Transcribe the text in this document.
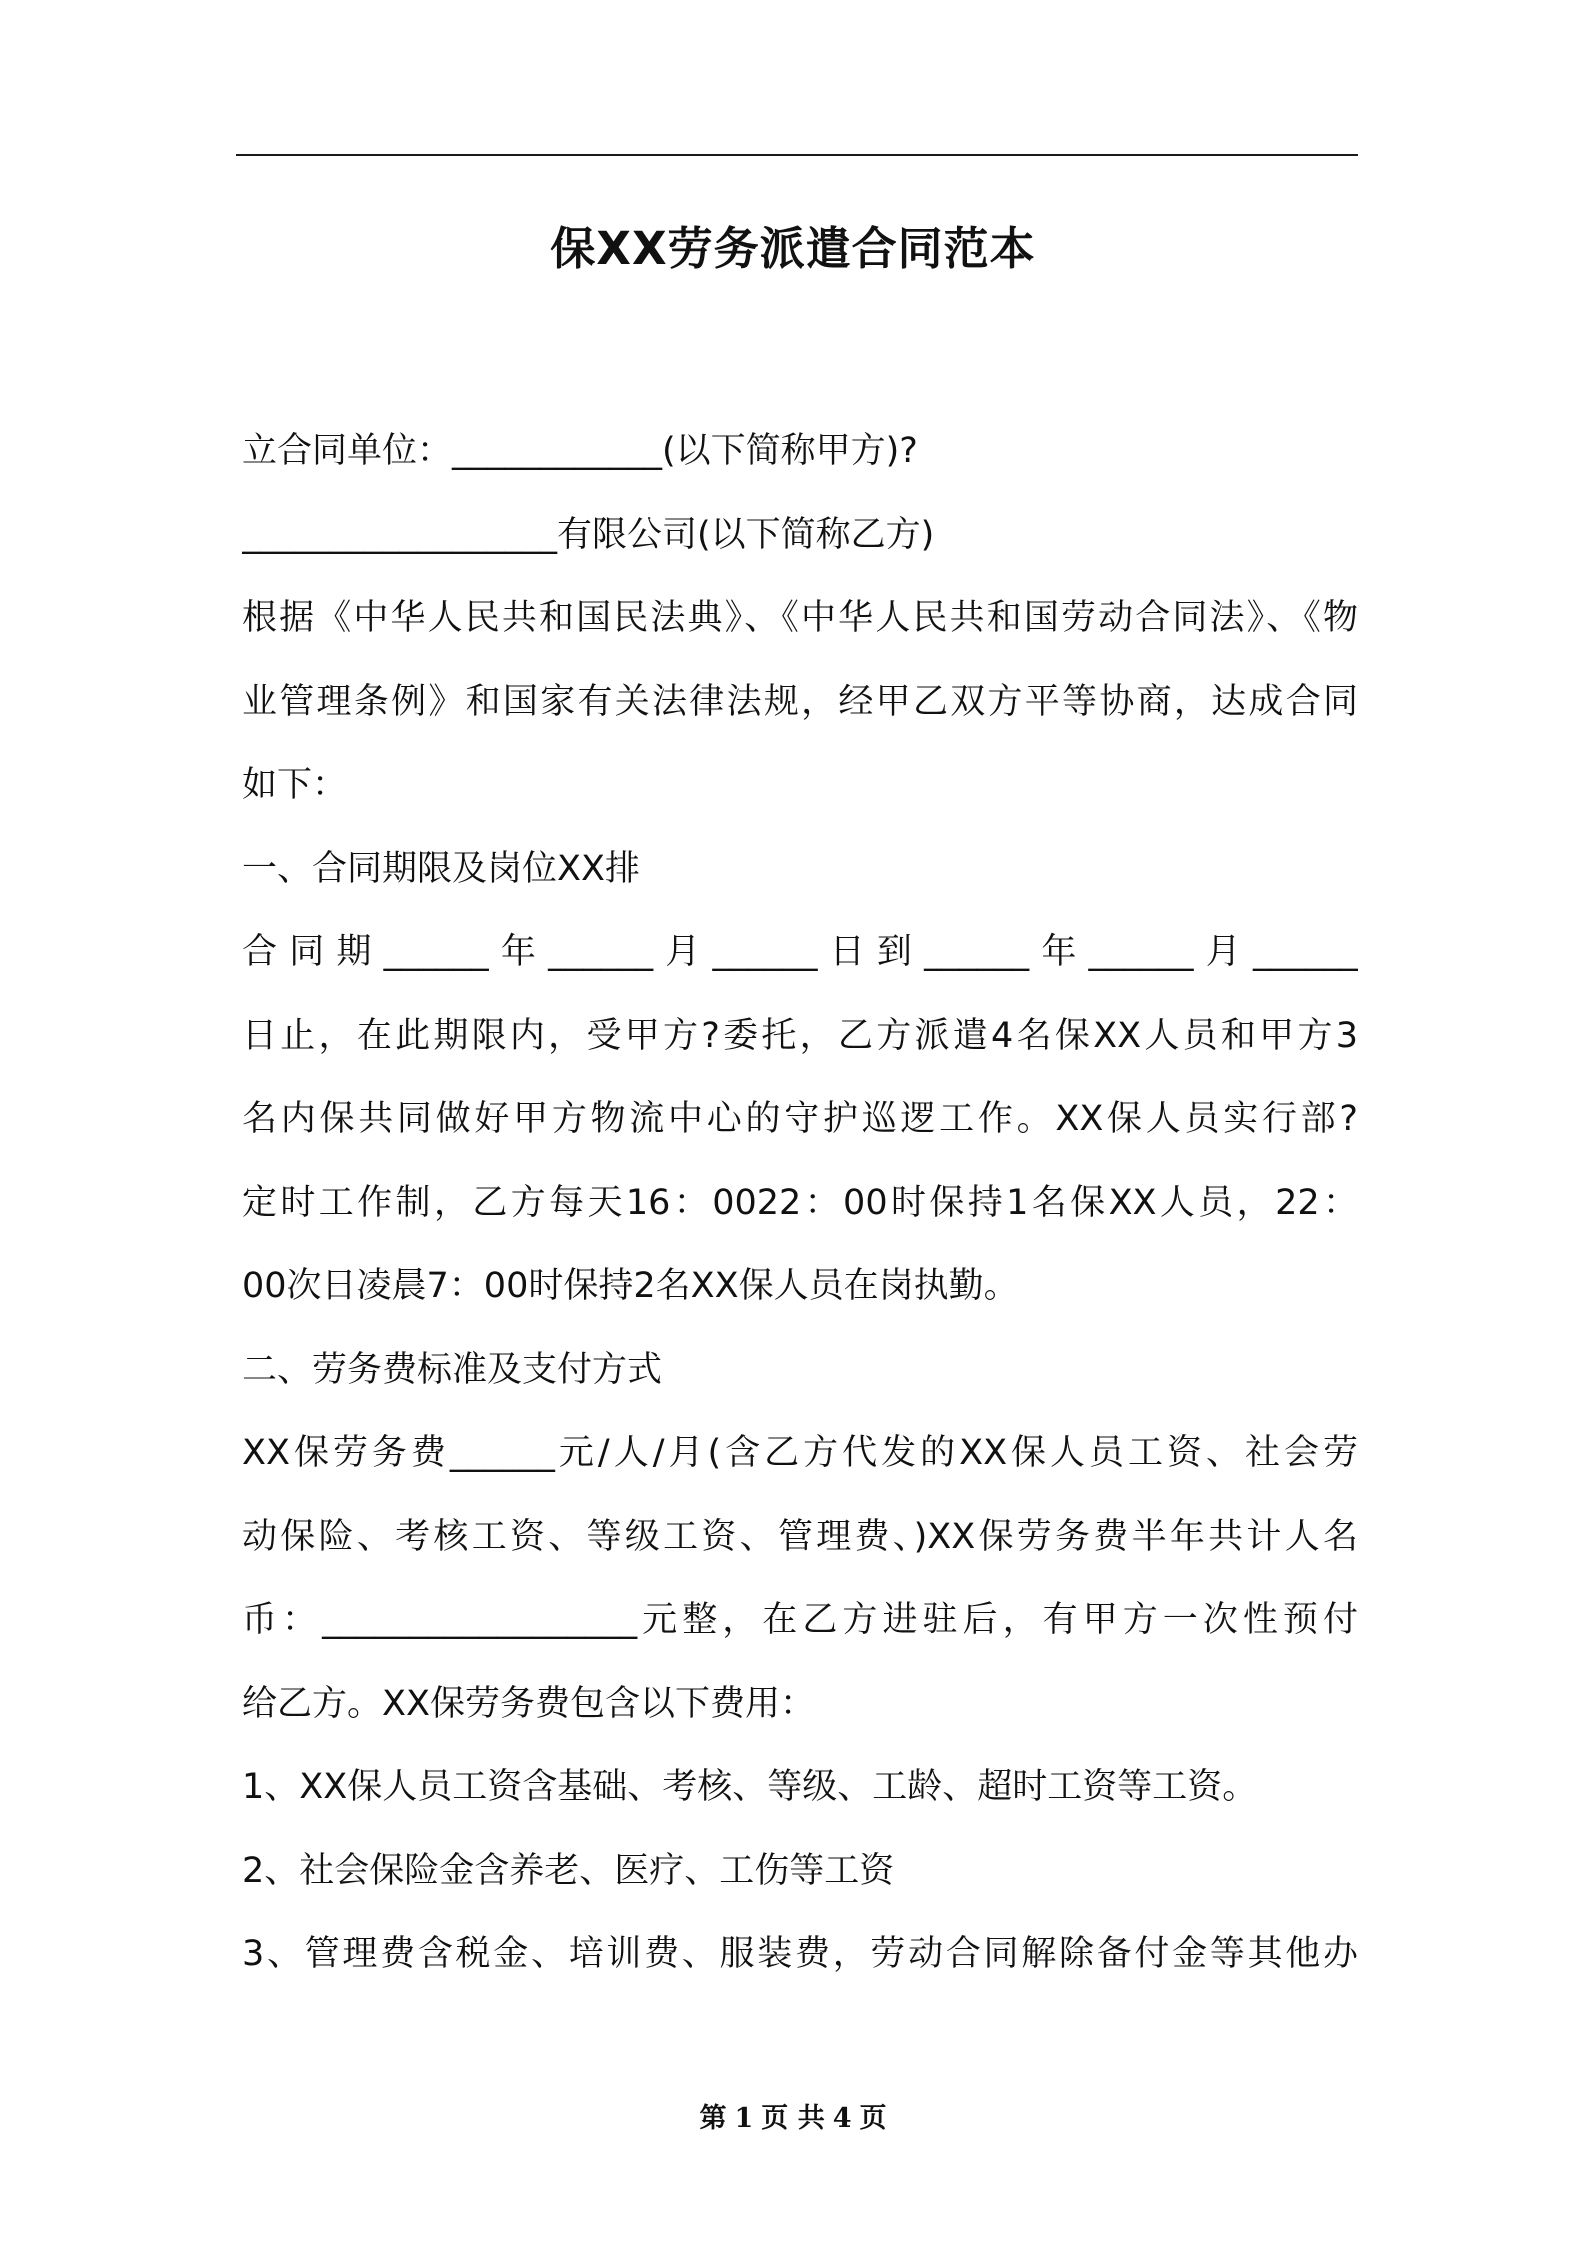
保XX劳务派遣合同范本
立合同单位：____________(以下简称甲方)?
__________________有限公司(以下简称乙方)
根据《中华人民共和国民法典》、《中华人民共和国劳动合同法》、《物
业管理条例》和国家有关法律法规，经甲乙双方平等协商，达成合同
如下：
一、合同期限及岗位XX排
合同期______年______月______日到______年______月______
日止，在此期限内，受甲方?委托，乙方派遣4名保XX人员和甲方3
名内保共同做好甲方物流中心的守护巡逻工作。XX保人员实行部?
定时工作制，乙方每天16：0022：00时保持1名保XX人员，22：
00次日凌晨7：00时保持2名XX保人员在岗执勤。
二、劳务费标准及支付方式
XX保劳务费______元/人/月(含乙方代发的XX保人员工资、社会劳
动保险、考核工资、等级工资、管理费、)XX保劳务费半年共计人名
币：__________________元整，在乙方进驻后，有甲方一次性预付
给乙方。XX保劳务费包含以下费用：
1、XX保人员工资含基础、考核、等级、工龄、超时工资等工资。
2、社会保险金含养老、医疗、工伤等工资
3、管理费含税金、培训费、服装费，劳动合同解除备付金等其他办
第 1 页 共 4 页
